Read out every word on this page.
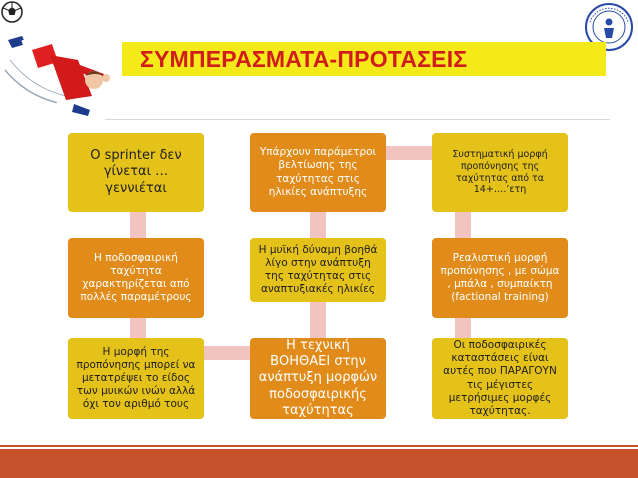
ΣΥΜΠΕΡΑΣΜΑΤΑ-ΠΡΟΤΑΣΕΙΣ
Ο sprinter δεν γίνεται …γεννιέται
Η ποδοσφαιρική ταχύτητα χαρακτηρίζεται από πολλές παραμέτρους
Η μορφή της προπόνησης μπορεί να μετατρέψει το είδος των μυικών ινών αλλά όχι τον αριθμό τους
Η τεχνική ΒΟΗΘΑΕΙ στην ανάπτυξη μορφών ποδοσφαιρικής ταχύτητας
Η μυϊκή δύναμη βοηθά λίγο στην ανάπτυξη της ταχύτητας στις αναπτυξιακές ηλικίες
Υπάρχουν παράμετροι βελτίωσης της ταχύτητας στις ηλικίες ανάπτυξης
Συστηματική μορφή προπόνησης της ταχύτητας από τα 14+….’ετη
Ρεαλιστική μορφή προπόνησης , με σώμα , μπάλα , συμπαίκτη (factional training)
Οι ποδοσφαιρικές καταστάσεις είναι αυτές που ΠΑΡΑΓΟΥΝ τις μέγιστες μετρήσιμες μορφές ταχύτητας.
